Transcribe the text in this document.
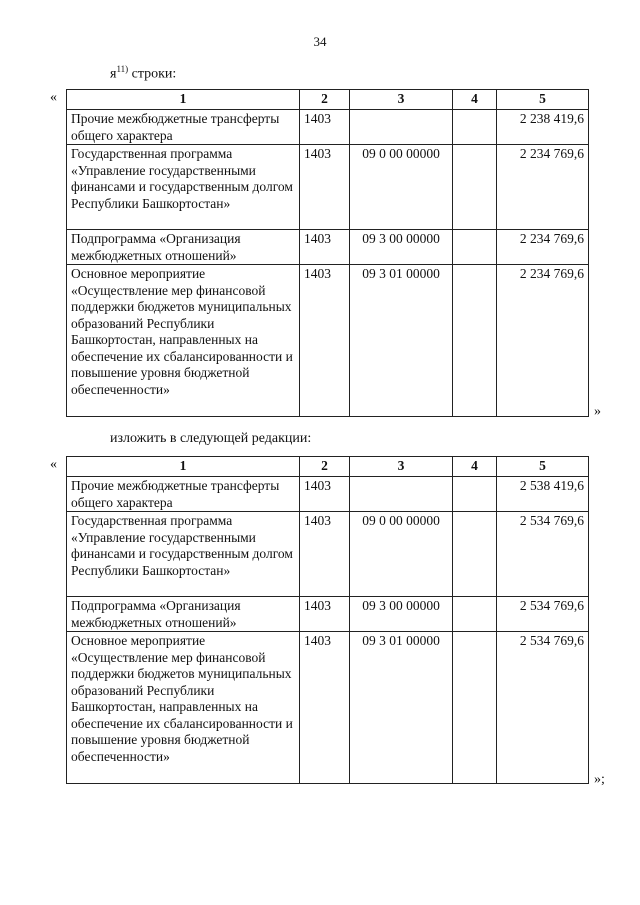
34
$я^{11)}$ строки:
«	1	2	3	4	5
Прочие межбюджетные трансферты общего характера	1403			2 238 419,6
Государственная программа «Управление государственными финансами и государственным долгом Республики Башкортостан»	1403	09 0 00 00000		2 234 769,6
Подпрограмма «Организация межбюджетных отношений»	1403	09 3 00 00000		2 234 769,6
Основное мероприятие «Осуществление мер финансовой поддержки бюджетов муниципальных образований Республики Башкортостан, направленных на обеспечение их сбалансированности и повышение уровня бюджетной обеспеченности»	1403	09 3 01 00000		2 234 769,6
»
изложить в следующей редакции:
«	1	2	3	4	5
Прочие межбюджетные трансферты общего характера	1403			2 538 419,6
Государственная программа «Управление государственными финансами и государственным долгом Республики Башкортостан»	1403	09 0 00 00000		2 534 769,6
Подпрограмма «Организация межбюджетных отношений»	1403	09 3 00 00000		2 534 769,6
Основное мероприятие «Осуществление мер финансовой поддержки бюджетов муниципальных образований Республики Башкортостан, направленных на обеспечение их сбалансированности и повышение уровня бюджетной обеспеченности»	1403	09 3 01 00000		2 534 769,6
»;
